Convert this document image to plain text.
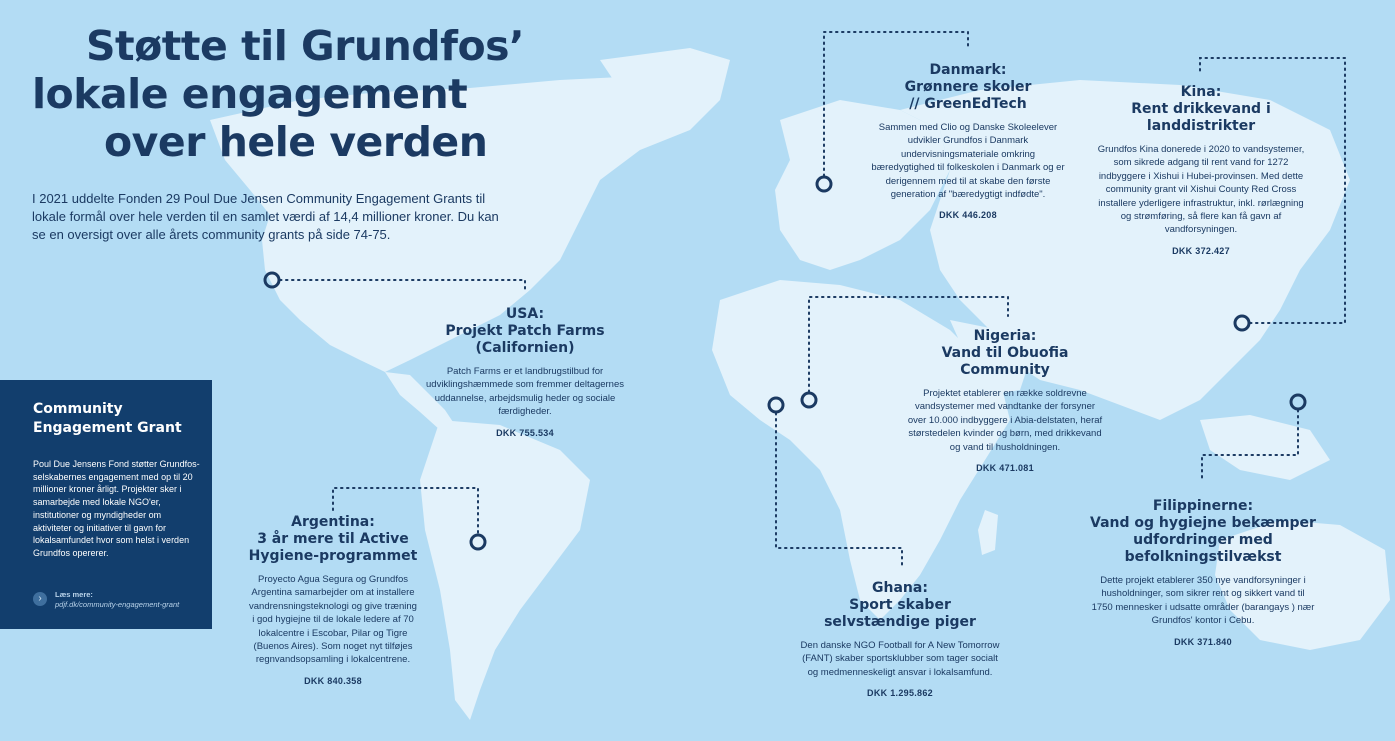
Støtte til Grundfos’
lokale engagement
over hele verden
I 2021 uddelte Fonden 29 Poul Due Jensen Community Engagement Grants til lokale formål over hele verden til en samlet værdi af 14,4 millioner kroner. Du kan se en oversigt over alle årets community grants på side 74-75.
USA:
Projekt Patch Farms
(Californien)

Patch Farms er et landbrugstilbud for udviklingshæmmede som fremmer deltagernes uddannelse, arbejdsmulig heder og sociale færdigheder.

DKK 755.534
Argentina:
3 år mere til Active
Hygiene-programmet

Proyecto Agua Segura og Grundfos Argentina samarbejder om at installere vandrensningsteknologi og give træning i god hygiejne til de lokale ledere af 70 lokalcentre i Escobar, Pilar og Tigre (Buenos Aires). Som noget nyt tilføjes regnvandsopsamling i lokalcentrene.

DKK 840.358
Danmark:
Grønnere skoler
// GreenEdTech

Sammen med Clio og Danske Skoleelever udvikler Grundfos i Danmark undervisningsmateriale omkring bæredygtighed til folkeskolen i Danmark og er derigennem med til at skabe den første generation af "bæredygtigt indfødte".

DKK 446.208
Nigeria:
Vand til Obuofia
Community

Projektet etablerer en række soldrevne vandsystemer med vandtanke der forsyner over 10.000 indbyggere i Abia-delstaten, heraf størstedelen kvinder og børn, med drikkevand og vand til husholdningen.

DKK 471.081
Ghana:
Sport skaber
selvstændige piger

Den danske NGO Football for A New Tomorrow (FANT) skaber sportsklubber som tager socialt og medmenneskeligt ansvar i lokalsamfund.

DKK 1.295.862
Kina:
Rent drikkevand i
landdistrikter

Grundfos Kina donerede i 2020 to vandsystemer, som sikrede adgang til rent vand for 1272 indbyggere i Xishui i Hubei-provinsen. Med dette community grant vil Xishui County Red Cross installere yderligere infrastruktur, inkl. rørlægning og strømføring, så flere kan få gavn af vandforsyningen.

DKK 372.427
Filippinerne:
Vand og hygiejne bekæmper
udfordringer med
befolkningstilvækst

Dette projekt etablerer 350 nye vandforsyninger i husholdninger, som sikrer rent og sikkert vand til 1750 mennesker i udsatte områder (barangays ) nær Grundfos' kontor i Cebu.

DKK 371.840
Community
Engagement Grant
Poul Due Jensens Fond støtter Grundfos-selskabernes engagement med op til 20 millioner kroner årligt. Projekter sker i samarbejde med lokale NGO'er, institutioner og myndigheder om aktiviteter og initiativer til gavn for lokalsamfundet hvor som helst i verden Grundfos opererer.
›	Læs mere:
pdjf.dk/community-engagement-grant
